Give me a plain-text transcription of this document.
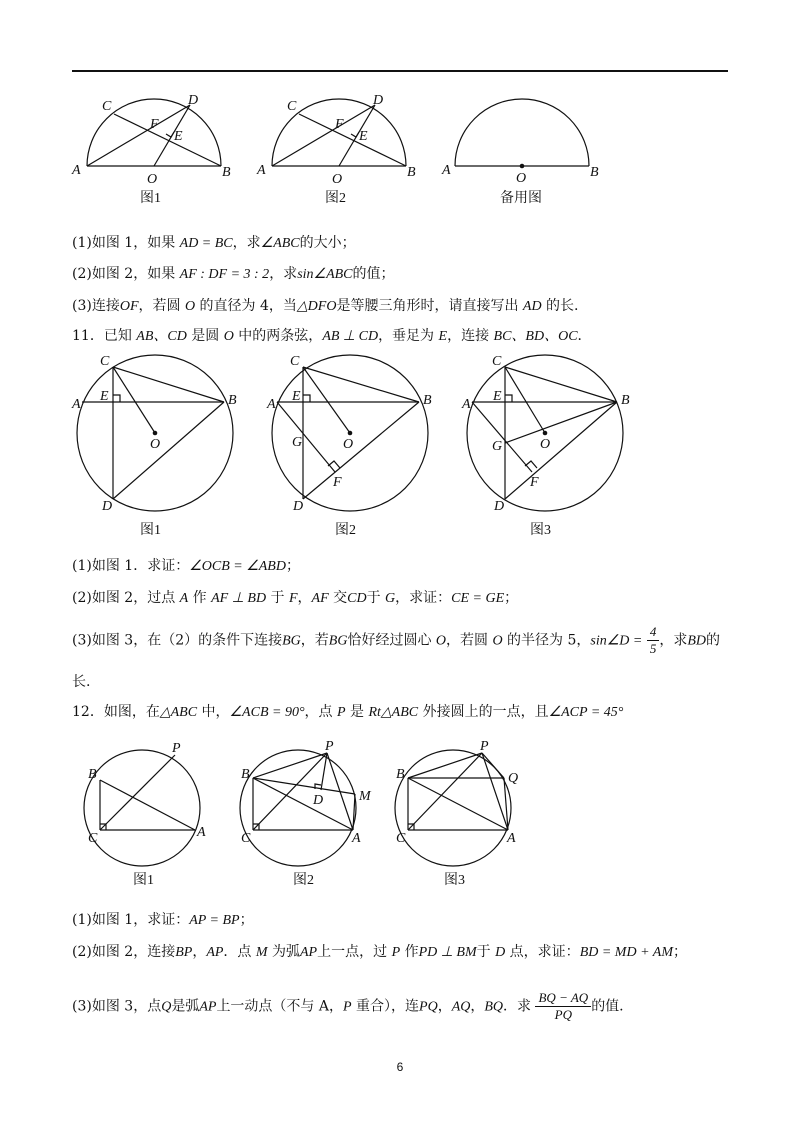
A	B
C	D
E
F
O
图1
A	B
C	D
E
F
O
图2
A	B
O
备用图
(1)如图 1，如果 AD = BC，求∠ABC的大小；
(2)如图 2，如果 AF : DF = 3 : 2，求sin∠ABC的值；
(3)连接OF，若圆 O 的直径为 4，当△DFO是等腰三角形时，请直接写出 AD 的长.
11．已知 AB、CD 是圆 O 中的两条弦，AB ⊥ CD，垂足为 E，连接 BC、BD、OC．
A	B
C
D
E
O
图1
A	B
C
D
E
F
G	O
图2
A	B
C
D
E
F
G	O
图3
(1)如图 1．求证：∠OCB = ∠ABD；
(2)如图 2，过点 A 作 AF ⊥ BD 于 F，AF 交CD于 G，求证：CE = GE；
(3)如图 3，在（2）的条件下连接BG，若BG恰好经过圆心 O，若圆 O 的半径为 5，sin∠D = $\frac{4}{5}$ ，求BD的
长.
12．如图，在△ABC 中，∠ACB = 90°，点 P 是 Rt△ABC 外接圆上的一点，且∠ACP = 45°
B
C	A
P
图1
B
C	A
P
D	M
图2
B
C	A
P
Q
图3
(1)如图 1，求证：AP = BP；
(2)如图 2，连接BP，AP．点 M 为弧AP上一点，过 P 作PD ⊥ BM于 D 点，求证：BD = MD + AM；
(3)如图 3，点Q是弧AP上一动点（不与 A，P 重合），连PQ，AQ，BQ．求 $\frac{BQ - AQ}{PQ}$ 的值.
6
